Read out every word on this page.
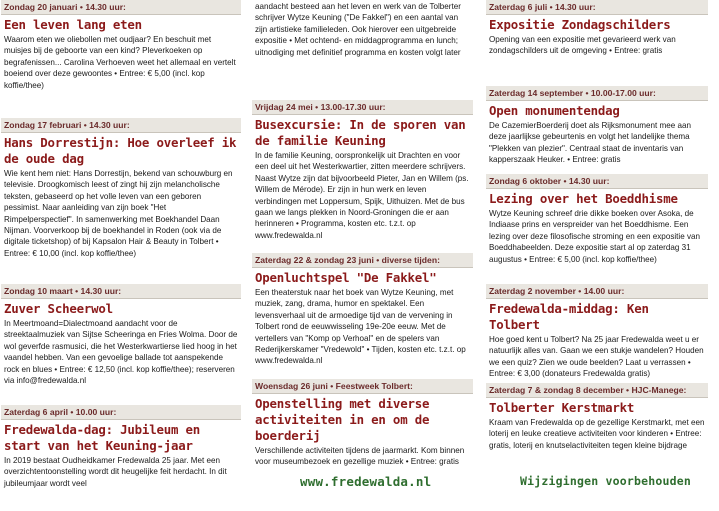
Zondag 20 januari • 14.30 uur:
Een leven lang eten
Waarom eten we oliebollen met oudjaar? En beschuit met muisjes bij de geboorte van een kind? Pleverkoeken op begrafenissen... Carolina Verhoeven weet het allemaal en vertelt boeiend over deze gewoontes • Entree: € 5,00 (incl. kop koffie/thee)
Zondag 17 februari • 14.30 uur:
Hans Dorrestijn: Hoe overleef ik de oude dag
Wie kent hem niet: Hans Dorrestijn, bekend van schouwburg en televisie. Droogkomisch leest of zingt hij zijn melancholische teksten, gebaseerd op het volle leven van een geboren pessimist. Naar aanleiding van zijn boek "Het Rimpelperspectief". In samenwerking met Boekhandel Daan Nijman. Voorverkoop bij de boekhandel in Roden (ook via de digitale ticketshop) of bij Kapsalon Hair & Beauty in Tolbert • Entree: € 10,00 (incl. kop koffie/thee)
Zondag 10 maart • 14.30 uur:
Zuver Scheerwol
In Meertmoand=Dialectmoand aandacht voor de streektaalmuziek van Sijtse Scheeringa en Fries Wolma. Door de wol geverfde rasmusici, die het Westerkwartierse lied hoog in het vaandel hebben. Van een gevoelige ballade tot aanspekende rock en blues • Entree: € 12,50 (incl. kop koffie/thee); reserveren via info@fredewalda.nl
Zaterdag 6 april • 10.00 uur:
Fredewalda-dag: Jubileum en start van het Keuning-jaar
In 2019 bestaat Oudheidkamer Fredewalda 25 jaar. Met een overzichtentoonstelling wordt dit heugelijke feit herdacht. In dit jubileumjaar wordt veel
aandacht besteed aan het leven en werk van de Tolberter schrijver Wytze Keuning ("De Fakkel") en een aantal van zijn artistieke familieleden. Ook hierover een uitgebreide expositie • Met ochtend- en middagprogramma en lunch; uitnodiging met definitief programma en kosten volgt later
Vrijdag 24 mei • 13.00-17.30 uur:
Busexcursie: In de sporen van de familie Keuning
In de familie Keuning, oorspronkelijk uit Drachten en voor een deel uit het Westerkwartier, zitten meerdere schrijvers. Naast Wytze zijn dat bijvoorbeeld Pieter, Jan en Willem (ps. Willem de Mérode). Er zijn in hun werk en leven verbindingen met Loppersum, Spijk, Uithuizen. Met de bus gaan we langs plekken in Noord-Groningen die er aan herinneren • Programma, kosten etc. t.z.t. op www.fredewalda.nl
Zaterdag 22 & zondag 23 juni • diverse tijden:
Openluchtspel "De Fakkel"
Een theaterstuk naar het boek van Wytze Keuning, met muziek, zang, drama, humor en spektakel. Een levensverhaal uit de armoedige tijd van de vervening in Tolbert rond de eeuwwisseling 19e-20e eeuw. Met de vertellers van "Komp op Verhoal" en de spelers van Rederijkerskamer "Vredewold" • Tijden, kosten etc. t.z.t. op www.fredewalda.nl
Woensdag 26 juni • Feestweek Tolbert:
Openstelling met diverse activiteiten in en om de boerderij
Verschillende activiteiten tijdens de jaarmarkt. Kom binnen voor museumbezoek en gezellige muziek • Entree: gratis
Zaterdag 6 juli • 14.30 uur:
Expositie Zondagschilders
Opening van een expositie met gevarieerd werk van zondagschilders uit de omgeving • Entree: gratis
Zaterdag 14 september • 10.00-17.00 uur:
Open monumentendag
De CazemierBoerderij doet als Rijksmonument mee aan deze jaarlijkse gebeurtenis en volgt het landelijke thema "Plekken van plezier". Centraal staat de inventaris van kapperszaak Heuker. • Entree: gratis
Zondag 6 oktober • 14.30 uur:
Lezing over het Boeddhisme
Wytze Keuning schreef drie dikke boeken over Asoka, de Indiaase prins en verspreider van het Boeddhisme. Een lezing over deze filosofische stroming en een expositie van Boeddhabeelden. Deze expositie start al op zaterdag 31 augustus • Entree: € 5,00 (incl. kop koffie/thee)
Zaterdag 2 november • 14.00 uur:
Fredewalda-middag: Ken Tolbert
Hoe goed kent u Tolbert? Na 25 jaar Fredewalda weet u er natuurlijk alles van. Gaan we een stukje wandelen? Houden we een quiz? Zien we oude beelden? Laat u verrassen • Entree: € 3,00 (donateurs Fredewalda gratis)
Zaterdag 7 & zondag 8 december • HJC-Manege:
Tolberter Kerstmarkt
Kraam van Fredewalda op de gezellige Kerstmarkt, met een loterij en leuke creatieve activiteiten voor kinderen • Entree: gratis, loterij en knutselactiviteiten tegen kleine bijdrage
www.fredewalda.nl	Wijzigingen voorbehouden
